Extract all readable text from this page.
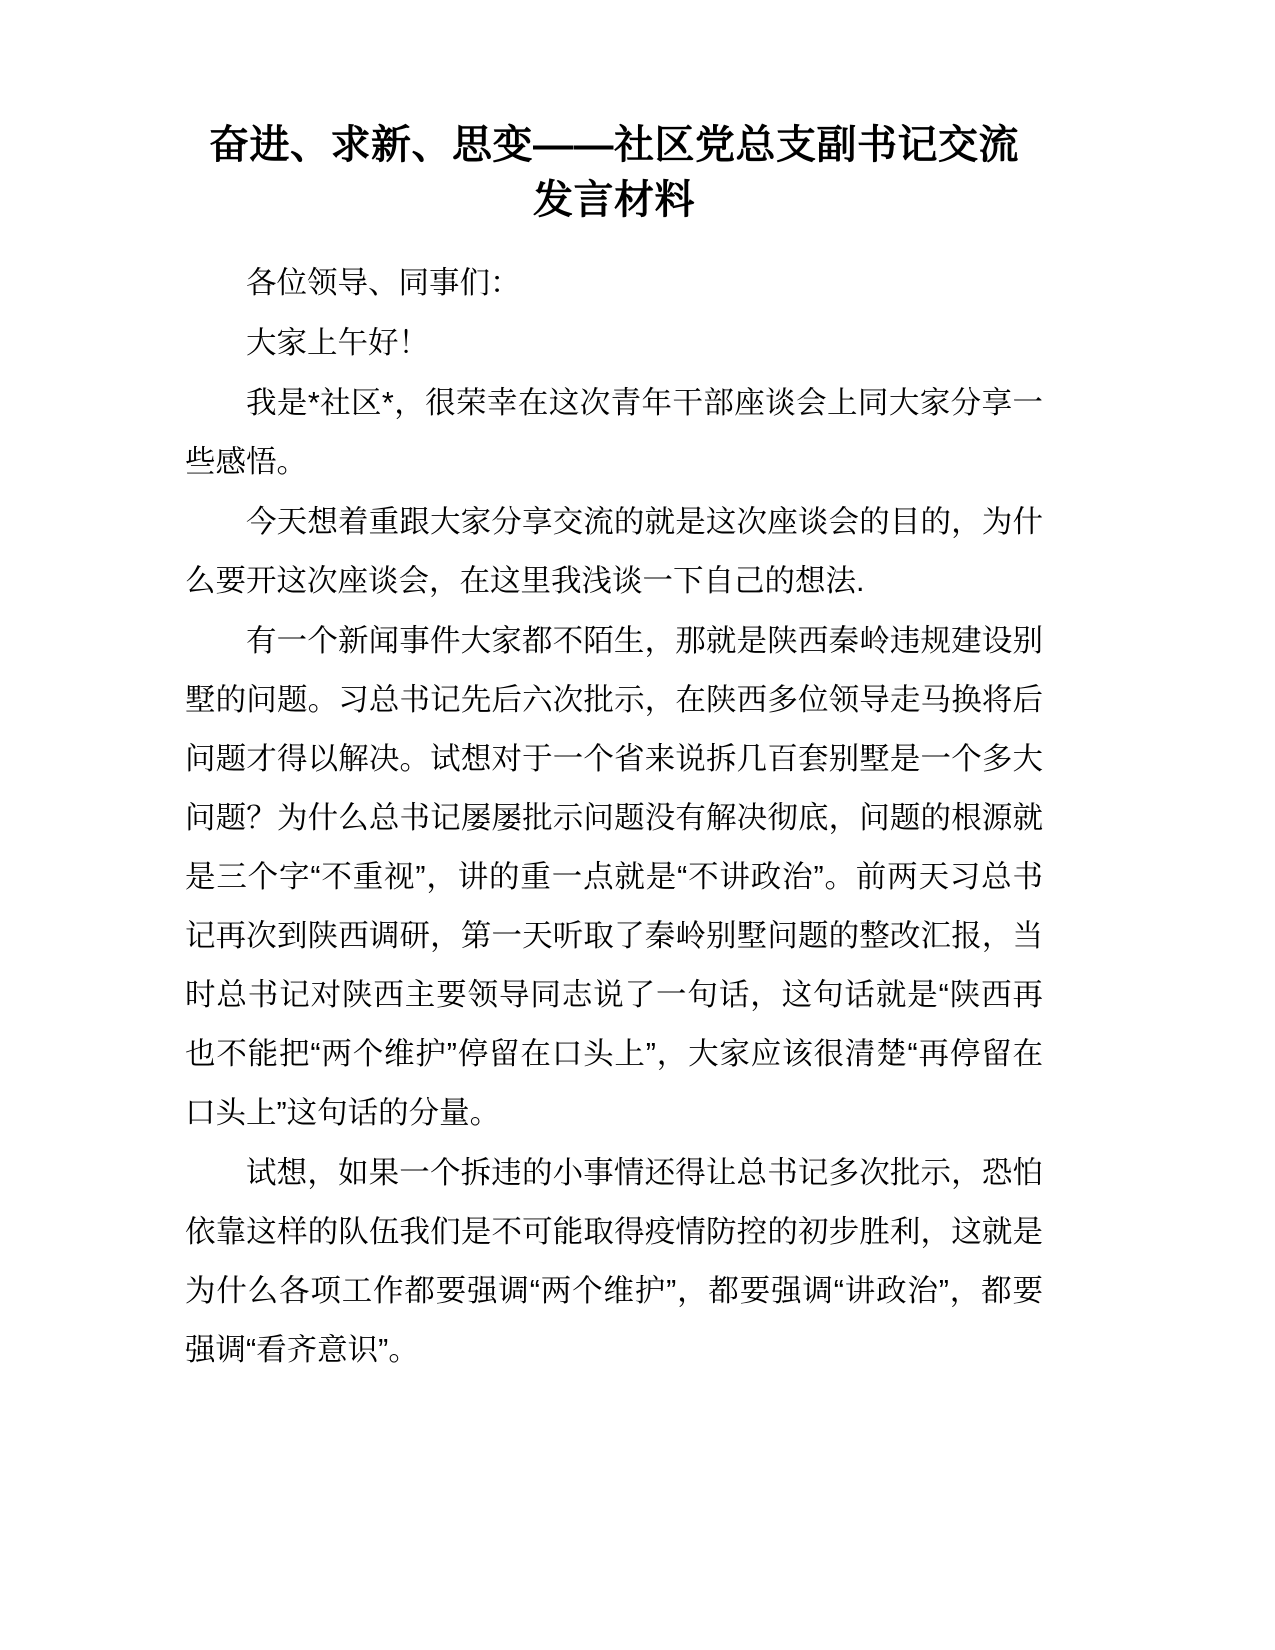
奋进、求新、思变——社区党总支副书记交流发言材料

各位领导、同事们：

大家上午好！

我是*社区*，很荣幸在这次青年干部座谈会上同大家分享一些感悟。

今天想着重跟大家分享交流的就是这次座谈会的目的，为什么要开这次座谈会，在这里我浅谈一下自己的想法.

有一个新闻事件大家都不陌生，那就是陕西秦岭违规建设别墅的问题。习总书记先后六次批示，在陕西多位领导走马换将后问题才得以解决。试想对于一个省来说拆几百套别墅是一个多大问题？为什么总书记屡屡批示问题没有解决彻底，问题的根源就是三个字“不重视”，讲的重一点就是“不讲政治”。前两天习总书记再次到陕西调研，第一天听取了秦岭别墅问题的整改汇报，当时总书记对陕西主要领导同志说了一句话，这句话就是“陕西再也不能把“两个维护”停留在口头上”，大家应该很清楚“再停留在口头上”这句话的分量。

试想，如果一个拆违的小事情还得让总书记多次批示，恐怕依靠这样的队伍我们是不可能取得疫情防控的初步胜利，这就是为什么各项工作都要强调“两个维护”，都要强调“讲政治”，都要强调“看齐意识”。
